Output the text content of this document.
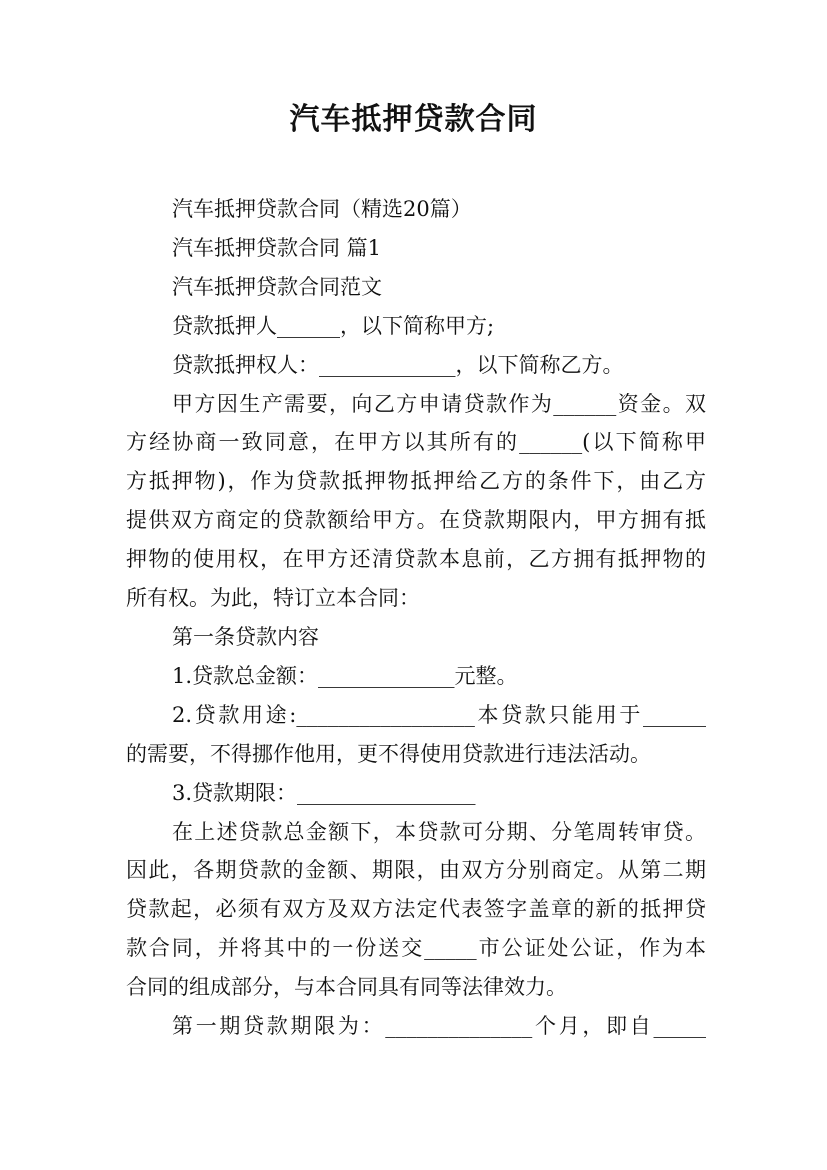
汽车抵押贷款合同

汽车抵押贷款合同（精选20篇）

汽车抵押贷款合同 篇1

汽车抵押贷款合同范文

贷款抵押人______，以下简称甲方;

贷款抵押权人：_____________，以下简称乙方。

甲方因生产需要，向乙方申请贷款作为______资金。双

方经协商一致同意，在甲方以其所有的______(以下简称甲

方抵押物)，作为贷款抵押物抵押给乙方的条件下，由乙方

提供双方商定的贷款额给甲方。在贷款期限内，甲方拥有抵

押物的使用权，在甲方还清贷款本息前，乙方拥有抵押物的

所有权。为此，特订立本合同：

第一条贷款内容

1.贷款总金额：_____________元整。

2.贷款用途:_________________本贷款只能用于______

的需要，不得挪作他用，更不得使用贷款进行违法活动。

3.贷款期限：_________________

在上述贷款总金额下，本贷款可分期、分笔周转审贷。

因此，各期贷款的金额、期限，由双方分别商定。从第二期

贷款起，必须有双方及双方法定代表签字盖章的新的抵押贷

款合同，并将其中的一份送交_____市公证处公证，作为本

合同的组成部分，与本合同具有同等法律效力。

第一期贷款期限为：______________个月，即自_____
